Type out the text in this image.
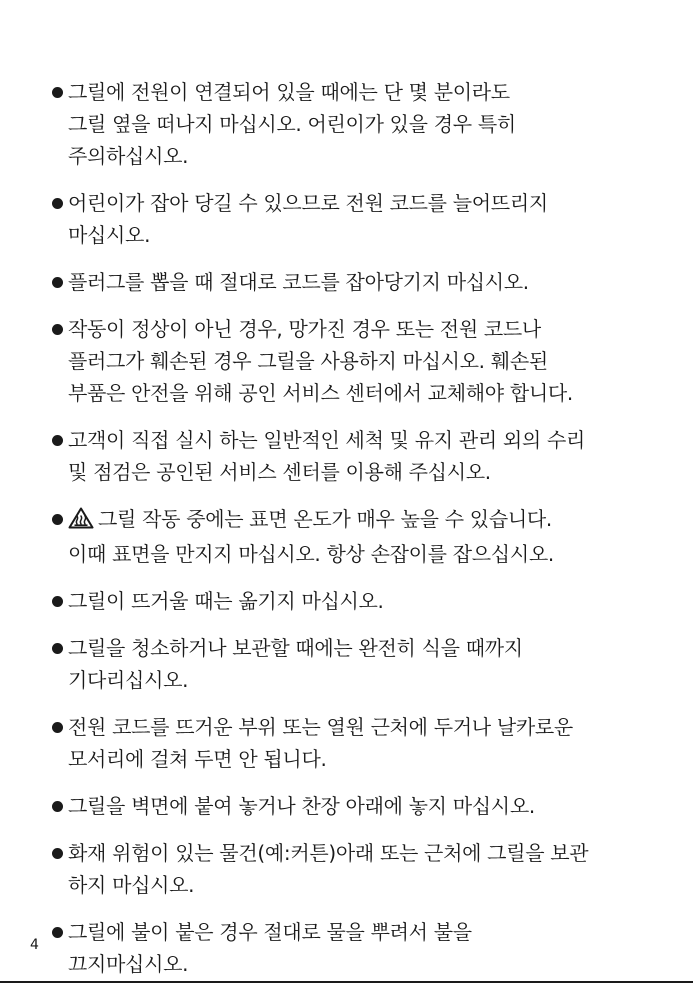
그릴에 전원이 연결되어 있을 때에는 단 몇 분이라도
그릴 옆을 떠나지 마십시오. 어린이가 있을 경우 특히
주의하십시오.
어린이가 잡아 당길 수 있으므로 전원 코드를 늘어뜨리지
마십시오.
플러그를 뽑을 때 절대로 코드를 잡아당기지 마십시오.
작동이 정상이 아닌 경우, 망가진 경우 또는 전원 코드나
플러그가 훼손된 경우 그릴을 사용하지 마십시오. 훼손된
부품은 안전을 위해 공인 서비스 센터에서 교체해야 합니다.
고객이 직접 실시 하는 일반적인 세척 및 유지 관리 외의 수리
및 점검은 공인된 서비스 센터를 이용해 주십시오.
그릴 작동 중에는 표면 온도가 매우 높을 수 있습니다.
이때 표면을 만지지 마십시오. 항상 손잡이를 잡으십시오.
그릴이 뜨거울 때는 옮기지 마십시오.
그릴을 청소하거나 보관할 때에는 완전히 식을 때까지
기다리십시오.
전원 코드를 뜨거운 부위 또는 열원 근처에 두거나 날카로운
모서리에 걸쳐 두면 안 됩니다.
그릴을 벽면에 붙여 놓거나 찬장 아래에 놓지 마십시오.
화재 위험이 있는 물건(예:커튼)아래 또는 근처에 그릴을 보관
하지 마십시오.
그릴에 불이 붙은 경우 절대로 물을 뿌려서 불을
끄지마십시오.
4
